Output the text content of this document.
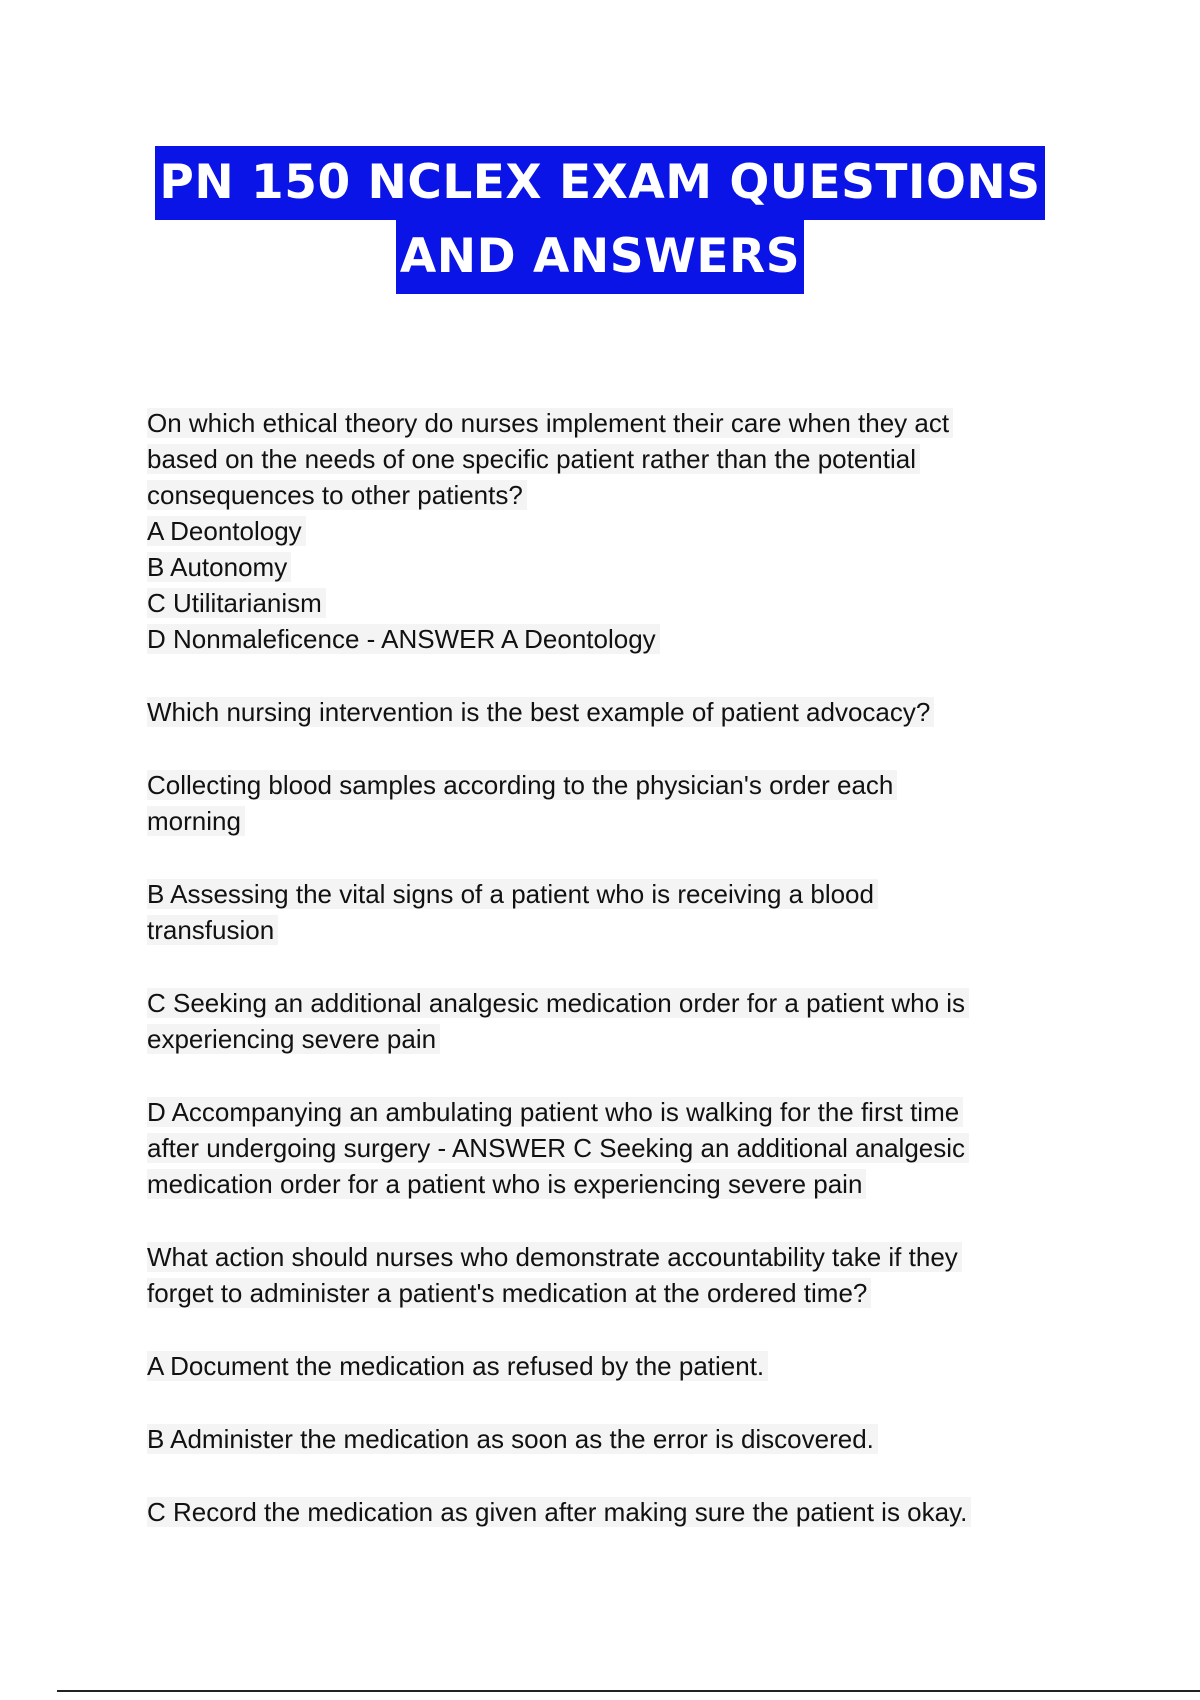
PN 150 NCLEX EXAM QUESTIONS
AND ANSWERS
On which ethical theory do nurses implement their care when they act
based on the needs of one specific patient rather than the potential
consequences to other patients?
A Deontology
B Autonomy
C Utilitarianism
D Nonmaleficence - ANSWER A Deontology
Which nursing intervention is the best example of patient advocacy?
Collecting blood samples according to the physician's order each
morning
B Assessing the vital signs of a patient who is receiving a blood
transfusion
C Seeking an additional analgesic medication order for a patient who is
experiencing severe pain
D Accompanying an ambulating patient who is walking for the first time
after undergoing surgery - ANSWER C Seeking an additional analgesic
medication order for a patient who is experiencing severe pain
What action should nurses who demonstrate accountability take if they
forget to administer a patient's medication at the ordered time?
A Document the medication as refused by the patient.
B Administer the medication as soon as the error is discovered.
C Record the medication as given after making sure the patient is okay.
